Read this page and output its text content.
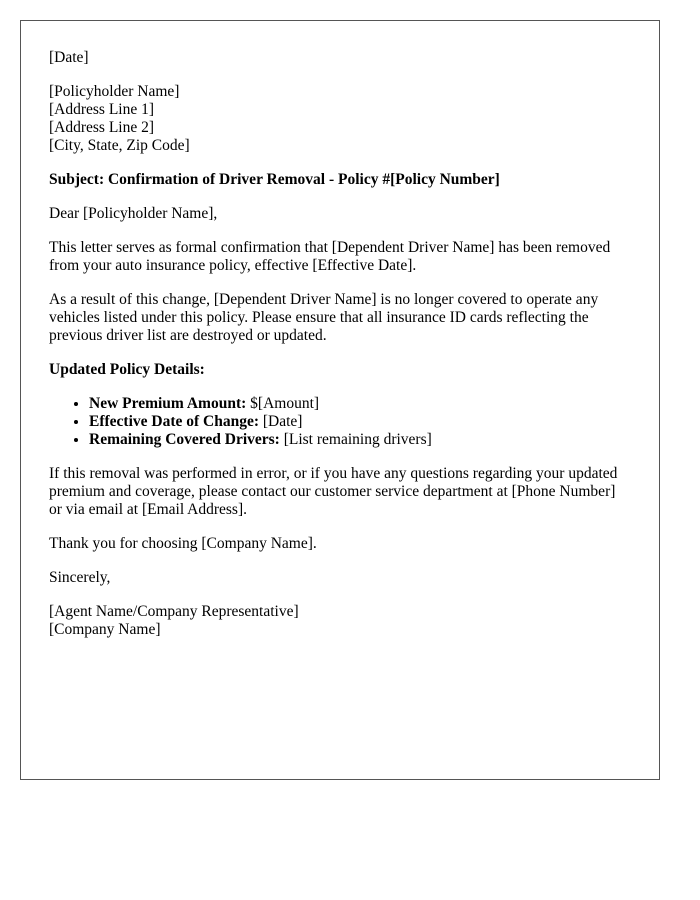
[Date]

[Policyholder Name]
[Address Line 1]
[Address Line 2]
[City, State, Zip Code]

Subject: Confirmation of Driver Removal - Policy #[Policy Number]

Dear [Policyholder Name],

This letter serves as formal confirmation that [Dependent Driver Name] has been removed from your auto insurance policy, effective [Effective Date].

As a result of this change, [Dependent Driver Name] is no longer covered to operate any vehicles listed under this policy. Please ensure that all insurance ID cards reflecting the previous driver list are destroyed or updated.

Updated Policy Details:

• New Premium Amount: $[Amount]
• Effective Date of Change: [Date]
• Remaining Covered Drivers: [List remaining drivers]

If this removal was performed in error, or if you have any questions regarding your updated premium and coverage, please contact our customer service department at [Phone Number] or via email at [Email Address].

Thank you for choosing [Company Name].

Sincerely,

[Agent Name/Company Representative]
[Company Name]
